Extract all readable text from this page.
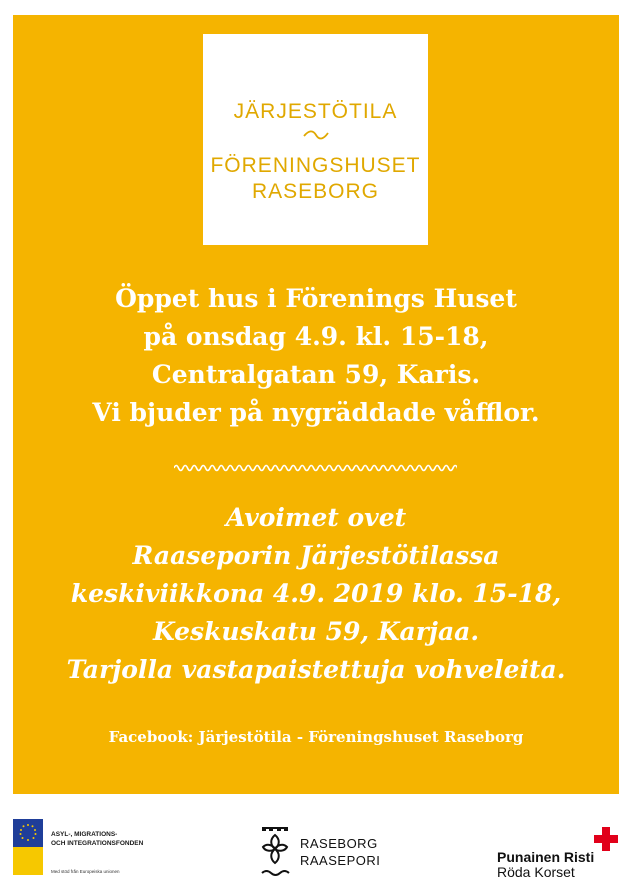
JÄRJESTÖTILA
FÖRENINGSHUSET
RASEBORG
Öppet hus i Förenings Huset
på onsdag 4.9. kl. 15-18,
Centralgatan 59, Karis.
Vi bjuder på nygräddade våfflor.
Avoimet ovet
Raaseporin Järjestötilassa
keskiviikkona 4.9. 2019 klo. 15-18,
Keskuskatu 59, Karjaa.
Tarjolla vastapaistettuja vohveleita.
Facebook: Järjestötila - Föreningshuset Raseborg
ASYL-, MIGRATIONS-
OCH INTEGRATIONSFONDEN
Med stöd från Europeiska unionen
RASEBORG
RAASEPORI	Punainen Risti
Röda Korset
